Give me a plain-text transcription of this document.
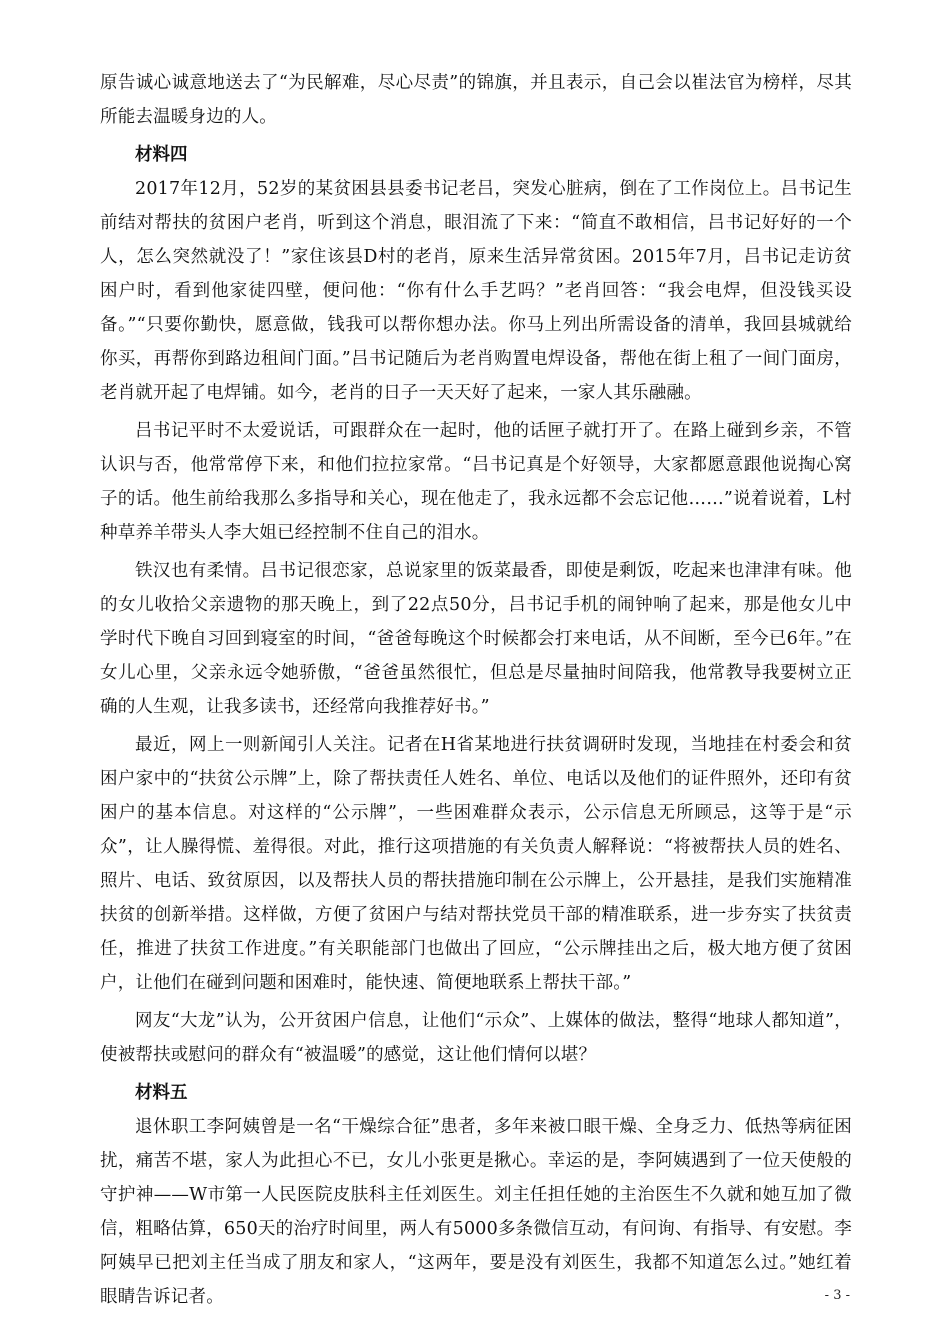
原告诚心诚意地送去了“为民解难，尽心尽责”的锦旗，并且表示，自己会以崔法官为榜样，尽其所能去温暖身边的人。

材料四

2017年12月，52岁的某贫困县县委书记老吕，突发心脏病，倒在了工作岗位上。吕书记生前结对帮扶的贫困户老肖，听到这个消息，眼泪流了下来：“简直不敢相信，吕书记好好的一个人，怎么突然就没了！”家住该县D村的老肖，原来生活异常贫困。2015年7月，吕书记走访贫困户时，看到他家徒四壁，便问他：“你有什么手艺吗？”老肖回答：“我会电焊，但没钱买设备。”“只要你勤快，愿意做，钱我可以帮你想办法。你马上列出所需设备的清单，我回县城就给你买，再帮你到路边租间门面。”吕书记随后为老肖购置电焊设备，帮他在街上租了一间门面房，老肖就开起了电焊铺。如今，老肖的日子一天天好了起来，一家人其乐融融。

吕书记平时不太爱说话，可跟群众在一起时，他的话匣子就打开了。在路上碰到乡亲，不管认识与否，他常常停下来，和他们拉拉家常。“吕书记真是个好领导，大家都愿意跟他说掏心窝子的话。他生前给我那么多指导和关心，现在他走了，我永远都不会忘记他……”说着说着，L村种草养羊带头人李大姐已经控制不住自己的泪水。

铁汉也有柔情。吕书记很恋家，总说家里的饭菜最香，即使是剩饭，吃起来也津津有味。他的女儿收拾父亲遗物的那天晚上，到了22点50分，吕书记手机的闹钟响了起来，那是他女儿中学时代下晚自习回到寝室的时间，“爸爸每晚这个时候都会打来电话，从不间断，至今已6年。”在女儿心里，父亲永远令她骄傲，“爸爸虽然很忙，但总是尽量抽时间陪我，他常教导我要树立正确的人生观，让我多读书，还经常向我推荐好书。”

最近，网上一则新闻引人关注。记者在H省某地进行扶贫调研时发现，当地挂在村委会和贫困户家中的“扶贫公示牌”上，除了帮扶责任人姓名、单位、电话以及他们的证件照外，还印有贫困户的基本信息。对这样的“公示牌”，一些困难群众表示，公示信息无所顾忌，这等于是“示众”，让人臊得慌、羞得很。对此，推行这项措施的有关负责人解释说：“将被帮扶人员的姓名、照片、电话、致贫原因，以及帮扶人员的帮扶措施印制在公示牌上，公开悬挂，是我们实施精准扶贫的创新举措。这样做，方便了贫困户与结对帮扶党员干部的精准联系，进一步夯实了扶贫责任，推进了扶贫工作进度。”有关职能部门也做出了回应，“公示牌挂出之后，极大地方便了贫困户，让他们在碰到问题和困难时，能快速、简便地联系上帮扶干部。”

网友“大龙”认为，公开贫困户信息，让他们“示众”、上媒体的做法，整得“地球人都知道”，使被帮扶或慰问的群众有“被温暖”的感觉，这让他们情何以堪？

材料五

退休职工李阿姨曾是一名“干燥综合征”患者，多年来被口眼干燥、全身乏力、低热等病征困扰，痛苦不堪，家人为此担心不已，女儿小张更是揪心。幸运的是，李阿姨遇到了一位天使般的守护神——W市第一人民医院皮肤科主任刘医生。刘主任担任她的主治医生不久就和她互加了微信，粗略估算，650天的治疗时间里，两人有5000多条微信互动，有问询、有指导、有安慰。李阿姨早已把刘主任当成了朋友和家人，“这两年，要是没有刘医生，我都不知道怎么过。”她红着眼睛告诉记者。	- 3 -
